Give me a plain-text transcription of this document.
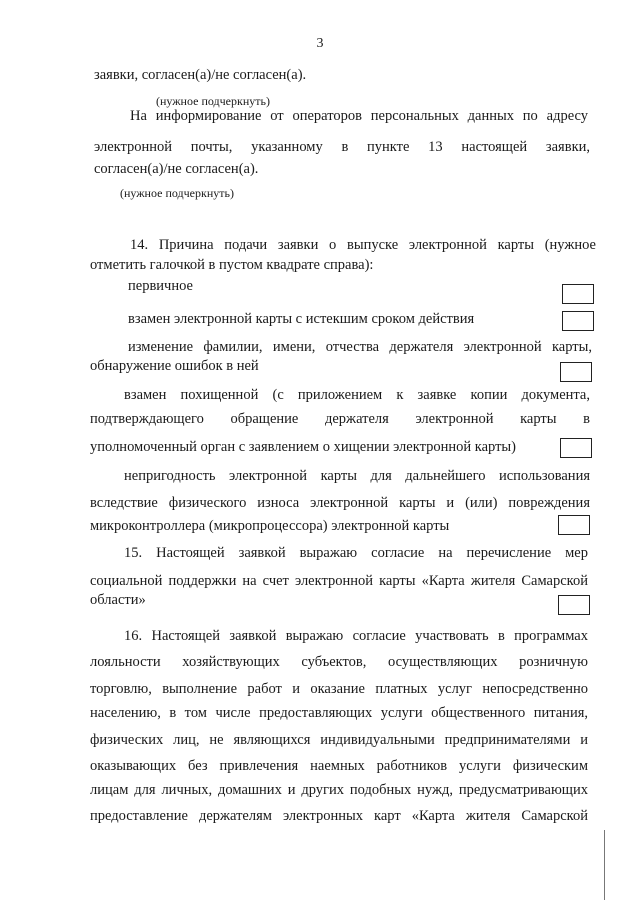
3
заявки, согласен(а)/не согласен(а).
(нужное подчеркнуть)
На информирование от операторов персональных данных по адресу
электронной почты, указанному в пункте 13 настоящей заявки,
согласен(а)/не согласен(а).
(нужное подчеркнуть)
14. Причина подачи заявки о выпуске электронной карты (нужное
отметить галочкой в пустом квадрате справа):
первичное
взамен электронной карты с истекшим сроком действия
изменение фамилии, имени, отчества держателя электронной карты,
обнаружение ошибок в ней
взамен похищенной (с приложением к заявке копии документа,
подтверждающего обращение держателя электронной карты в
уполномоченный орган с заявлением о хищении электронной карты)
непригодность электронной карты для дальнейшего использования
вследствие физического износа электронной карты и (или) повреждения
микроконтроллера (микропроцессора) электронной карты
15. Настоящей заявкой выражаю согласие на перечисление мер
социальной поддержки на счет электронной карты «Карта жителя Самарской
области»
16. Настоящей заявкой выражаю согласие участвовать в программах
лояльности хозяйствующих субъектов, осуществляющих розничную
торговлю, выполнение работ и оказание платных услуг непосредственно
населению, в том числе предоставляющих услуги общественного питания,
физических лиц, не являющихся индивидуальными предпринимателями и
оказывающих без привлечения наемных работников услуги физическим
лицам для личных, домашних и других подобных нужд, предусматривающих
предоставление держателям электронных карт «Карта жителя Самарской
